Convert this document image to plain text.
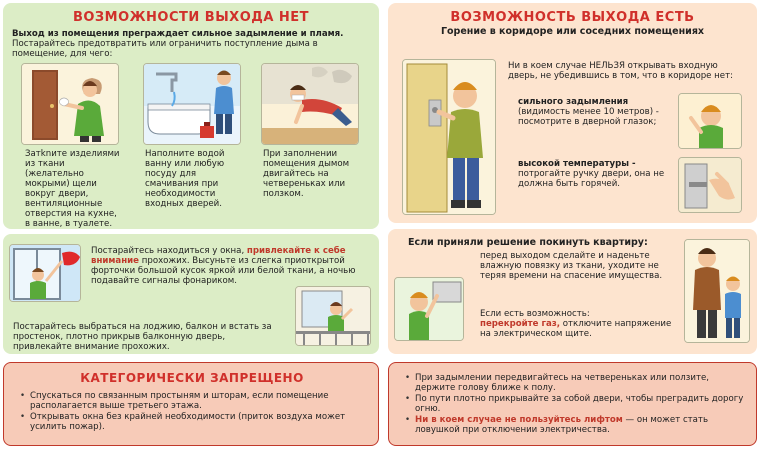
ВОЗМОЖНОСТИ ВЫХОДА НЕТ
Выход из помещения преграждает сильное задымление и пламя. Постарайтесь предотвратить или ограничить поступление дыма в помещение, для чего:
Затknите изделиями из ткани (желательно мокрыми) щели вокруг двери, вентиляционные отверстия на кухне, в ванне, в туалете.
Наполните водой ванну или любую посуду для смачивания при необходимости входных дверей.
При заполнении помещения дымом двигайтесь на четвереньках или ползком.
Постарайтесь находиться у окна, привлекайте к себе внимание прохожих. Высуньте из слегка приоткрытой форточки большой кусок яркой или белой ткани, а ночью подавайте сигналы фонариком.
Постарайтесь выбраться на лоджию, балкон и встать за простенок, плотно прикрыв балконную дверь, привлекайте внимание прохожих.
КАТЕГОРИЧЕСКИ ЗАПРЕЩЕНО
• Спускаться по связанным простыням и шторам, если помещение располагается выше третьего этажа.
• Открывать окна без крайней необходимости (приток воздуха может усилить пожар).
ВОЗМОЖНОСТЬ ВЫХОДА ЕСТЬ
Горение в коридоре или соседних помещениях
Ни в коем случае НЕЛЬЗЯ открывать входную дверь, не убедившись в том, что в коридоре нет:
сильного задымления (видимость менее 10 метров) - посмотрите в дверной глазок;
высокой температуры - потрогайте ручку двери, она не должна быть горячей.
Если приняли решение покинуть квартиру:
перед выходом сделайте и наденьте влажную повязку из ткани, уходите не теряя времени на спасение имущества.
Если есть возможность:
перекройте газ, отключите напряжение на электрическом щите.
• При задымлении передвигайтесь на четвереньках или ползите, держите голову ближе к полу.
• По пути плотно прикрывайте за собой двери, чтобы преградить дорогу огню.
• Ни в коем случае не пользуйтесь лифтом — он может стать ловушкой при отключении электричества.
